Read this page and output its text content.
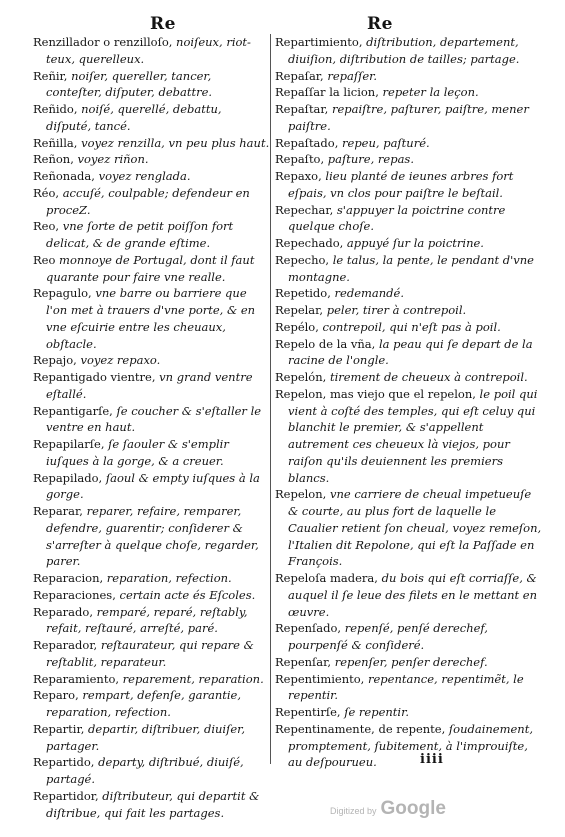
Re	Re

Renzillador o renzilloſo, noiſeux, riot-teux, querelleux.

Reñir, noiſer, quereller, tancer, conteſter, diſputer, debattre.

Reñido, noiſé, querellé, debattu, diſputé, tancé.

Reñilla, voyez renzilla, vn peu plus haut.

Reñon, voyez riñon.

Reñonada, voyez renglada.

Réo, accuſé, coulpable; defendeur en proceZ.

Reo, vne ſorte de petit poiſſon fort delicat, & de grande eſtime.

Reo monnoye de Portugal, dont il faut quarante pour faire vne realle.

Repagulo, vne barre ou barriere que l'on met à trauers d'vne porte, & en vne eſcuirie entre les cheuaux, obſtacle.

Repajo, voyez repaxo.

Repantigado vientre, vn grand ventre eſtallé.

Repantigarſe, ſe coucher & s'eſtaller le ventre en haut.

Repapilarſe, ſe ſaouler & s'emplir iuſques à la gorge, & a creuer.

Repapilado, ſaoul & empty iuſques à la gorge.

Reparar, reparer, refaire, remparer, defendre, guarentir; conſiderer & s'arreſter à quelque choſe, regarder, parer.

Reparacion, reparation, refection.

Reparaciones, certain acte és Eſcoles.

Reparado, remparé, reparé, reſtably, refait, reſtauré, arreſté, paré.

Reparador, reſtaurateur, qui repare & reſtablit, reparateur.

Reparamiento, reparement, reparation.

Reparo, rempart, defenſe, garantie, reparation, refection.

Repartir, departir, diſtribuer, diuiſer, partager.

Repartido, departy, diſtribué, diuiſé, partagé.

Repartidor, diſtributeur, qui departit & diſtribue, qui fait les partages.

Repartimiento, diſtribution, departement, diuiſion, diſtribution de tailles; partage.

Repaſar, repaſſer.

Repaſſar la licion, repeter la leçon.

Repaſtar, repaiſtre, paſturer, paiſtre, mener paiſtre.

Repaſtado, repeu, paſturé.

Repaſto, paſture, repas.

Repaxo, lieu planté de ieunes arbres fort eſpais, vn clos pour paiſtre le beſtail.

Repechar, s'appuyer la poictrine contre quelque choſe.

Repechado, appuyé ſur la poictrine.

Repecho, le talus, la pente, le pendant d'vne montagne.

Repetido, redemandé.

Repelar, peler, tirer à contrepoil.

Repélo, contrepoil, qui n'eſt pas à poil.

Repelo de la vña, la peau qui ſe depart de la racine de l'ongle.

Repelón, tirement de cheueux à contrepoil.

Repelon, mas viejo que el repelon, le poil qui vient à coſté des temples, qui eſt celuy qui blanchit le premier, & s'appellent autrement ces cheueux là viejos, pour raiſon qu'ils deuiennent les premiers blancs.

Repelon, vne carriere de cheual impetueuſe & courte, au plus fort de laquelle le Caualier retient ſon cheual, voyez remeſon, l'Italien dit Repolone, qui eſt la Paſſade en François.

Repeloſa madera, du bois qui eſt corriaſſe, & auquel il ſe leue des filets en le mettant en œuvre.

Repenſado, repenſé, penſé derechef, pourpenſé & conſideré.

Repenſar, repenſer, penſer derechef.

Repentimiento, repentance, repentimẽt, le repentir.

Repentirſe, ſe repentir.

Repentinamente, de repente, ſoudainement, promptement, ſubitement, à l'improuiſte, au deſpourueu.	iiii
Digitized by Google
